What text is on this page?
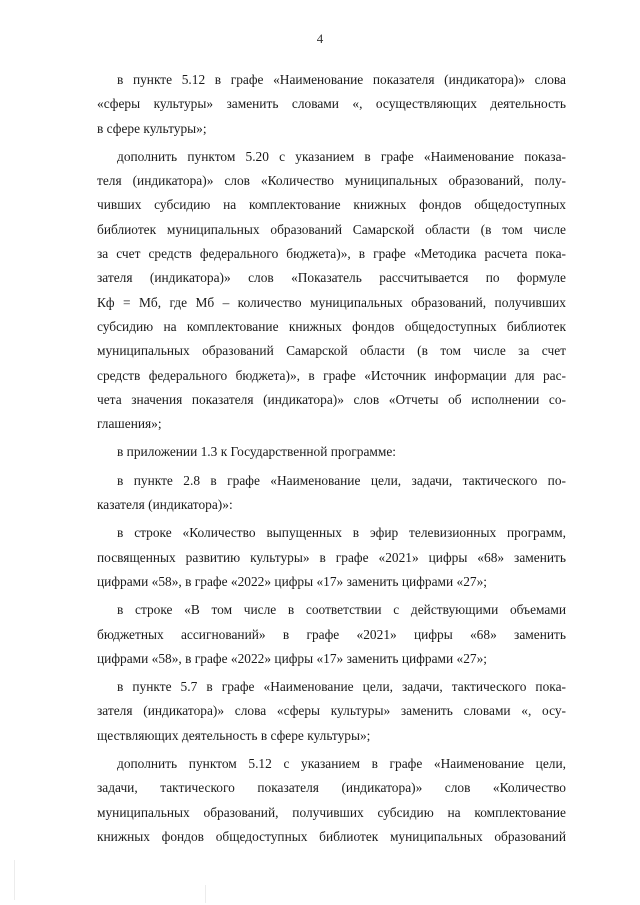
4
в пункте 5.12 в графе «Наименование показателя (индикатора)» слова
«сферы культуры» заменить словами «, осуществляющих деятельность
в сфере культуры»;
дополнить пунктом 5.20 с указанием в графе «Наименование показа-
теля (индикатора)» слов «Количество муниципальных образований, полу-
чивших субсидию на комплектование книжных фондов общедоступных
библиотек муниципальных образований Самарской области (в том числе
за счет средств федерального бюджета)», в графе «Методика расчета пока-
зателя (индикатора)» слов «Показатель рассчитывается по формуле
Кф = Мб, где Мб – количество муниципальных образований, получивших
субсидию на комплектование книжных фондов общедоступных библиотек
муниципальных образований Самарской области (в том числе за счет
средств федерального бюджета)», в графе «Источник информации для рас-
чета значения показателя (индикатора)» слов «Отчеты об исполнении со-
глашения»;
в приложении 1.3 к Государственной программе:
в пункте 2.8 в графе «Наименование цели, задачи, тактического по-
казателя (индикатора)»:
в строке «Количество выпущенных в эфир телевизионных программ,
посвященных развитию культуры» в графе «2021» цифры «68» заменить
цифрами «58», в графе «2022» цифры «17» заменить цифрами «27»;
в строке «В том числе в соответствии с действующими объемами
бюджетных ассигнований» в графе «2021» цифры «68» заменить
цифрами «58», в графе «2022» цифры «17» заменить цифрами «27»;
в пункте 5.7 в графе «Наименование цели, задачи, тактического пока-
зателя (индикатора)» слова «сферы культуры» заменить словами «, осу-
ществляющих деятельность в сфере культуры»;
дополнить пунктом 5.12 с указанием в графе «Наименование цели,
задачи, тактического показателя (индикатора)» слов «Количество
муниципальных образований, получивших субсидию на комплектование
книжных фондов общедоступных библиотек муниципальных образований
